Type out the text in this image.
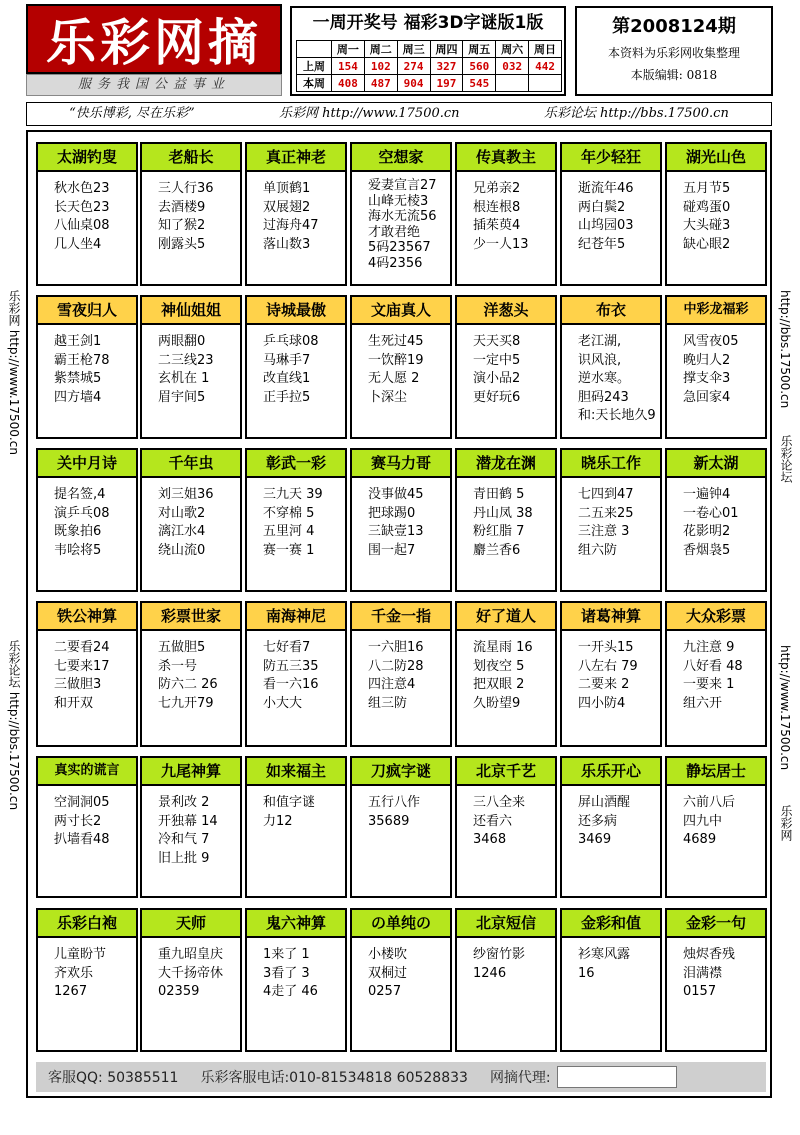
乐彩网摘
服务我国公益事业
一周开奖号 福彩3D字谜版1版
	周一	周二	周三	周四	周五	周六	周日
上周	154	102	274	327	560	032	442
本周	408	487	904	197	545		
第2008124期
本资料为乐彩网收集整理
本版编辑: 0818
“快乐博彩, 尽在乐彩”	乐彩网 http://www.17500.cn	乐彩论坛 http://bbs.17500.cn
乐彩网 http://www.17500.cn
乐彩论坛 http://bbs.17500.cn
http://bbs.17500.cn
乐彩论坛
http://www.17500.cn
乐彩网
太湖钓叟
秋水色23
长天色23
八仙桌08
几人坐4
老船长
三人行36
去酒楼9
知了猴2
刚露头5
真正神老
单顶鹤1
双展翅2
过海舟47
落山数3
空想家
爱妻宣言27
山峰无棱3
海水无流56
才敢君绝
5码23567
4码2356
传真教主
兄弟亲2
根连根8
插茱萸4
少一人13
年少轻狂
逝流年46
两白鬓2
山坞园03
纪苍年5
湖光山色
五月节5
碰鸡蛋0
大头碰3
缺心眼2
雪夜归人
越王剑1
霸王枪78
紫禁城5
四方墙4
神仙姐姐
两眼翻0
二三线23
玄机在 1
眉宇间5
诗城最傲
乒乓球08
马琳手7
改直线1
正手拉5
文庙真人
生死过45
一饮醉19
无人愿 2
卜深尘
洋葱头
天天买8
一定中5
演小品2
更好玩6
布衣
老江湖,
识风浪,
逆水寒。
胆码243
和:天长地久9
中彩龙福彩
风雪夜05
晚归人2
撑支伞3
急回家4
关中月诗
提名签,4
演乒乓08
既象拍6
韦哙将5
千年虫
刘三姐36
对山歌2
漓江水4
绕山流0
彰武一彩
三九天 39
不穿棉 5
五里河 4
赛一赛 1
赛马力哥
没事做45
把球踢0
三缺壹13
围一起7
潜龙在渊
青田鹤 5
丹山凤 38
粉红脂 7
麝兰香6
晓乐工作
七四到47
二五来25
三注意 3
组六防
新太湖
一遍钟4
一卷心01
花影明2
香烟袅5
铁公神算
二要看24
七要来17
三做胆3
和开双
彩票世家
五做胆5
杀一号
防六二 26
七九开79
南海神尼
七好看7
防五三35
看一六16
小大大
千金一指
一六胆16
八二防28
四注意4
组三防
好了道人
流星雨 16
划夜空 5
把双眼 2
久盼望9
诸葛神算
一开头15
八左右 79
二要来 2
四小防4
大众彩票
九注意 9
八好看 48
一要来 1
组六开
真实的谎言
空洞洞05
两寸长2
扒墙看48
九尾神算
景利改 2
开独幕 14
冷和气 7
旧上批 9
如来福主
和值字谜
力12
刀疯字谜
五行八作
35689
北京千艺
三八全来
还看六
3468
乐乐开心
屏山酒醒
还多病
3469
静坛居士
六前八后
四九中
4689
乐彩白袍
儿童盼节
齐欢乐
1267
天师
重九昭皇庆
大千扬帝休
02359
鬼六神算
1来了 1
3看了 3
4走了 46
の单纯の
小楼吹
双桐过
0257
北京短信
纱窗竹影
1246
金彩和值
衫寒风露
16
金彩一句
烛烬香残
泪满襟
0157
客服QQ: 50385511 乐彩客服电话:010-81534818 60528833 网摘代理:
